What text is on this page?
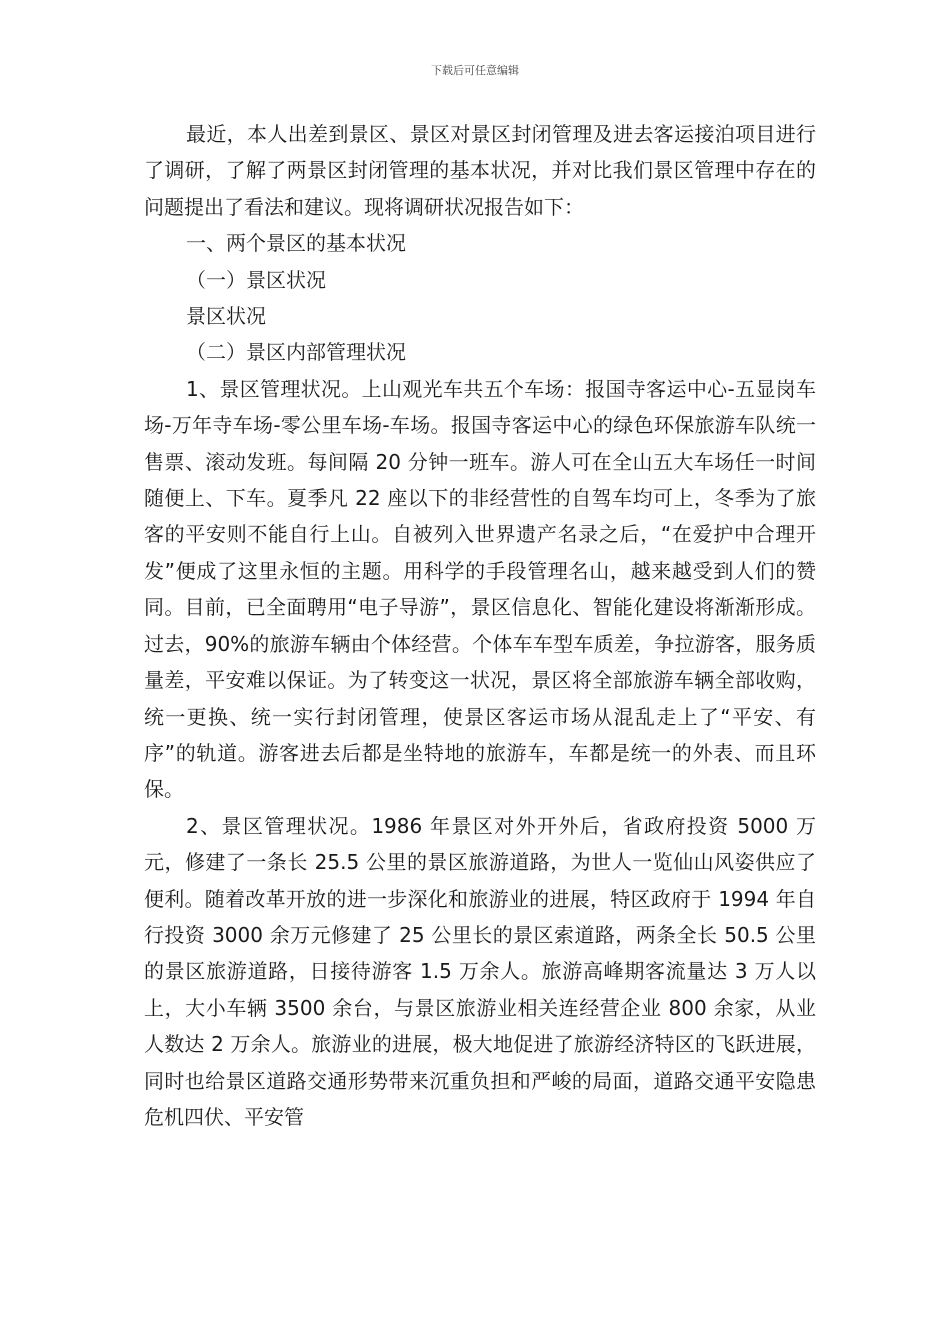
下载后可任意编辑

最近，本人出差到景区、景区对景区封闭管理及进去客运接泊项目进行了调研，了解了两景区封闭管理的基本状况，并对比我们景区管理中存在的问题提出了看法和建议。现将调研状况报告如下：

一、两个景区的基本状况

（一）景区状况

景区状况

（二）景区内部管理状况

1、景区管理状况。上山观光车共五个车场：报国寺客运中心-五显岗车场-万年寺车场-零公里车场-车场。报国寺客运中心的绿色环保旅游车队统一售票、滚动发班。每间隔 20 分钟一班车。游人可在全山五大车场任一时间随便上、下车。夏季凡 22 座以下的非经营性的自驾车均可上，冬季为了旅客的平安则不能自行上山。自被列入世界遗产名录之后，“在爱护中合理开发”便成了这里永恒的主题。用科学的手段管理名山，越来越受到人们的赞同。目前，已全面聘用“电子导游”，景区信息化、智能化建设将渐渐形成。过去，90%的旅游车辆由个体经营。个体车车型车质差，争拉游客，服务质量差，平安难以保证。为了转变这一状况，景区将全部旅游车辆全部收购，统一更换、统一实行封闭管理，使景区客运市场从混乱走上了“平安、有序”的轨道。游客进去后都是坐特地的旅游车，车都是统一的外表、而且环保。

2、景区管理状况。1986 年景区对外开外后，省政府投资 5000 万元，修建了一条长 25.5 公里的景区旅游道路，为世人一览仙山风姿供应了便利。随着改革开放的进一步深化和旅游业的进展，特区政府于 1994 年自行投资 3000 余万元修建了 25 公里长的景区索道路，两条全长 50.5 公里的景区旅游道路，日接待游客 1.5 万余人。旅游高峰期客流量达 3 万人以上，大小车辆 3500 余台，与景区旅游业相关连经营企业 800 余家，从业人数达 2 万余人。旅游业的进展，极大地促进了旅游经济特区的飞跃进展，同时也给景区道路交通形势带来沉重负担和严峻的局面，道路交通平安隐患危机四伏、平安管
